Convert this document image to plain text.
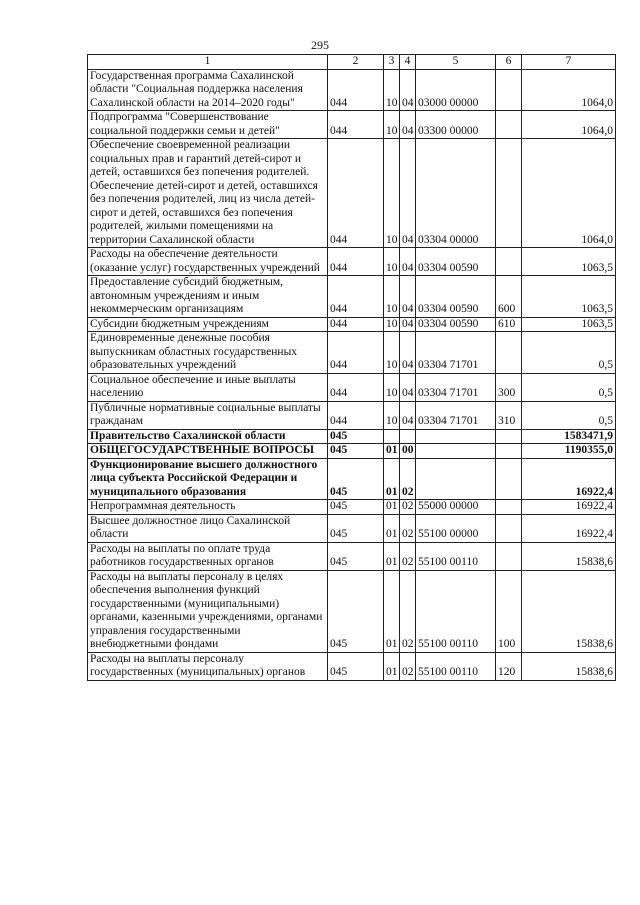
295
1	2	3	4	5	6	7
Государственная программа Сахалинской области "Социальная поддержка населения Сахалинской области на 2014–2020 годы"	044	10	04	03000 00000		1064,0
Подпрограмма "Совершенствование социальной поддержки семьи и детей"	044	10	04	03300 00000		1064,0
Обеспечение своевременной реализации социальных прав и гарантий детей-сирот и детей, оставшихся без попечения родителей. Обеспечение детей-сирот и детей, оставшихся без попечения родителей, лиц из числа детей-сирот и детей, оставшихся без попечения родителей, жилыми помещениями на территории Сахалинской области	044	10	04	03304 00000		1064,0
Расходы на обеспечение деятельности (оказание услуг) государственных учреждений	044	10	04	03304 00590		1063,5
Предоставление субсидий бюджетным, автономным учреждениям и иным некоммерческим организациям	044	10	04	03304 00590	600	1063,5
Субсидии бюджетным учреждениям	044	10	04	03304 00590	610	1063,5
Единовременные денежные пособия выпускникам областных государственных образовательных учреждений	044	10	04	03304 71701		0,5
Социальное обеспечение и иные выплаты населению	044	10	04	03304 71701	300	0,5
Публичные нормативные социальные выплаты гражданам	044	10	04	03304 71701	310	0,5
Правительство Сахалинской области	045					1583471,9
ОБЩЕГОСУДАРСТВЕННЫЕ ВОПРОСЫ	045	01	00			1190355,0
Функционирование высшего должностного лица субъекта Российской Федерации и муниципального образования	045	01	02			16922,4
Непрограммная деятельность	045	01	02	55000 00000		16922,4
Высшее должностное лицо Сахалинской области	045	01	02	55100 00000		16922,4
Расходы на выплаты по оплате труда работников государственных органов	045	01	02	55100 00110		15838,6
Расходы на выплаты персоналу в целях обеспечения выполнения функций государственными (муниципальными) органами, казенными учреждениями, органами управления государственными внебюджетными фондами	045	01	02	55100 00110	100	15838,6
Расходы на выплаты персоналу государственных (муниципальных) органов	045	01	02	55100 00110	120	15838,6
